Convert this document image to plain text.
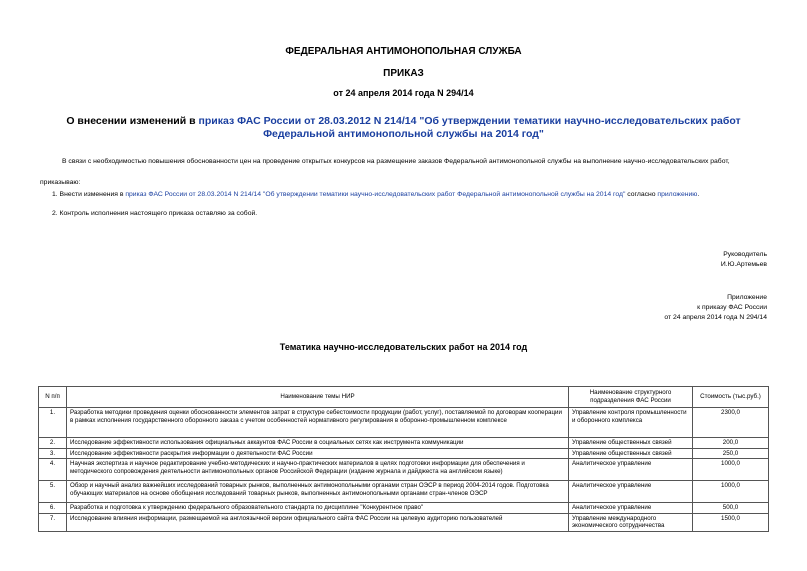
ФЕДЕРАЛЬНАЯ АНТИМОНОПОЛЬНАЯ СЛУЖБА
ПРИКАЗ
от 24 апреля 2014 года N 294/14
О внесении изменений в приказ ФАС России от 28.03.2012 N 214/14 "Об утверждении тематики научно-исследовательских работ Федеральной антимонопольной службы на 2014 год"
В связи с необходимостью повышения обоснованности цен на проведение открытых конкурсов на размещение заказов Федеральной антимонопольной службы на выполнение научно-исследовательских работ,
приказываю:
1. Внести изменения в приказ ФАС России от 28.03.2014 N 214/14 "Об утверждении тематики научно-исследовательских работ Федеральной антимонопольной службы на 2014 год" согласно приложению.
2. Контроль исполнения настоящего приказа оставляю за собой.
Руководитель
И.Ю.Артемьев
Приложение
к приказу ФАС России
от 24 апреля 2014 года N 294/14
Тематика научно-исследовательских работ на 2014 год
N п/п	Наименование темы НИР	Наименование структурного подразделения ФАС России	Стоимость (тыс.руб.)
1.	Разработка методики проведения оценки обоснованности элементов затрат в структуре себестоимости продукции (работ, услуг), поставляемой по договорам кооперации в рамках исполнения государственного оборонного заказа с учетом особенностей нормативного регулирования в оборонно-промышленном комплексе	Управление контроля промышленности и оборонного комплекса	2300,0
2.	Исследование эффективности использования официальных аккаунтов ФАС России в социальных сетях как инструмента коммуникации	Управление общественных связей	200,0
3.	Исследование эффективности раскрытия информации о деятельности ФАС России	Управление общественных связей	250,0
4.	Научная экспертиза и научное редактирование учебно-методических и научно-практических материалов в целях подготовки информации для обеспечения и методического сопровождения деятельности антимонопольных органов Российской Федерации (издание журнала и дайджеста на английском языке)	Аналитическое управление	1000,0
5.	Обзор и научный анализ важнейших исследований товарных рынков, выполненных антимонопольными органами стран ОЭСР в период 2004-2014 годов. Подготовка обучающих материалов на основе обобщения исследований товарных рынков, выполненных антимонопольными органами стран-членов ОЭСР	Аналитическое управление	1000,0
6.	Разработка и подготовка к утверждению федерального образовательного стандарта по дисциплине "Конкурентное право"	Аналитическое управление	500,0
7.	Исследование влияния информации, размещаемой на англоязычной версии официального сайта ФАС России на целевую аудиторию пользователей	Управление международного экономического сотрудничества	1500,0
